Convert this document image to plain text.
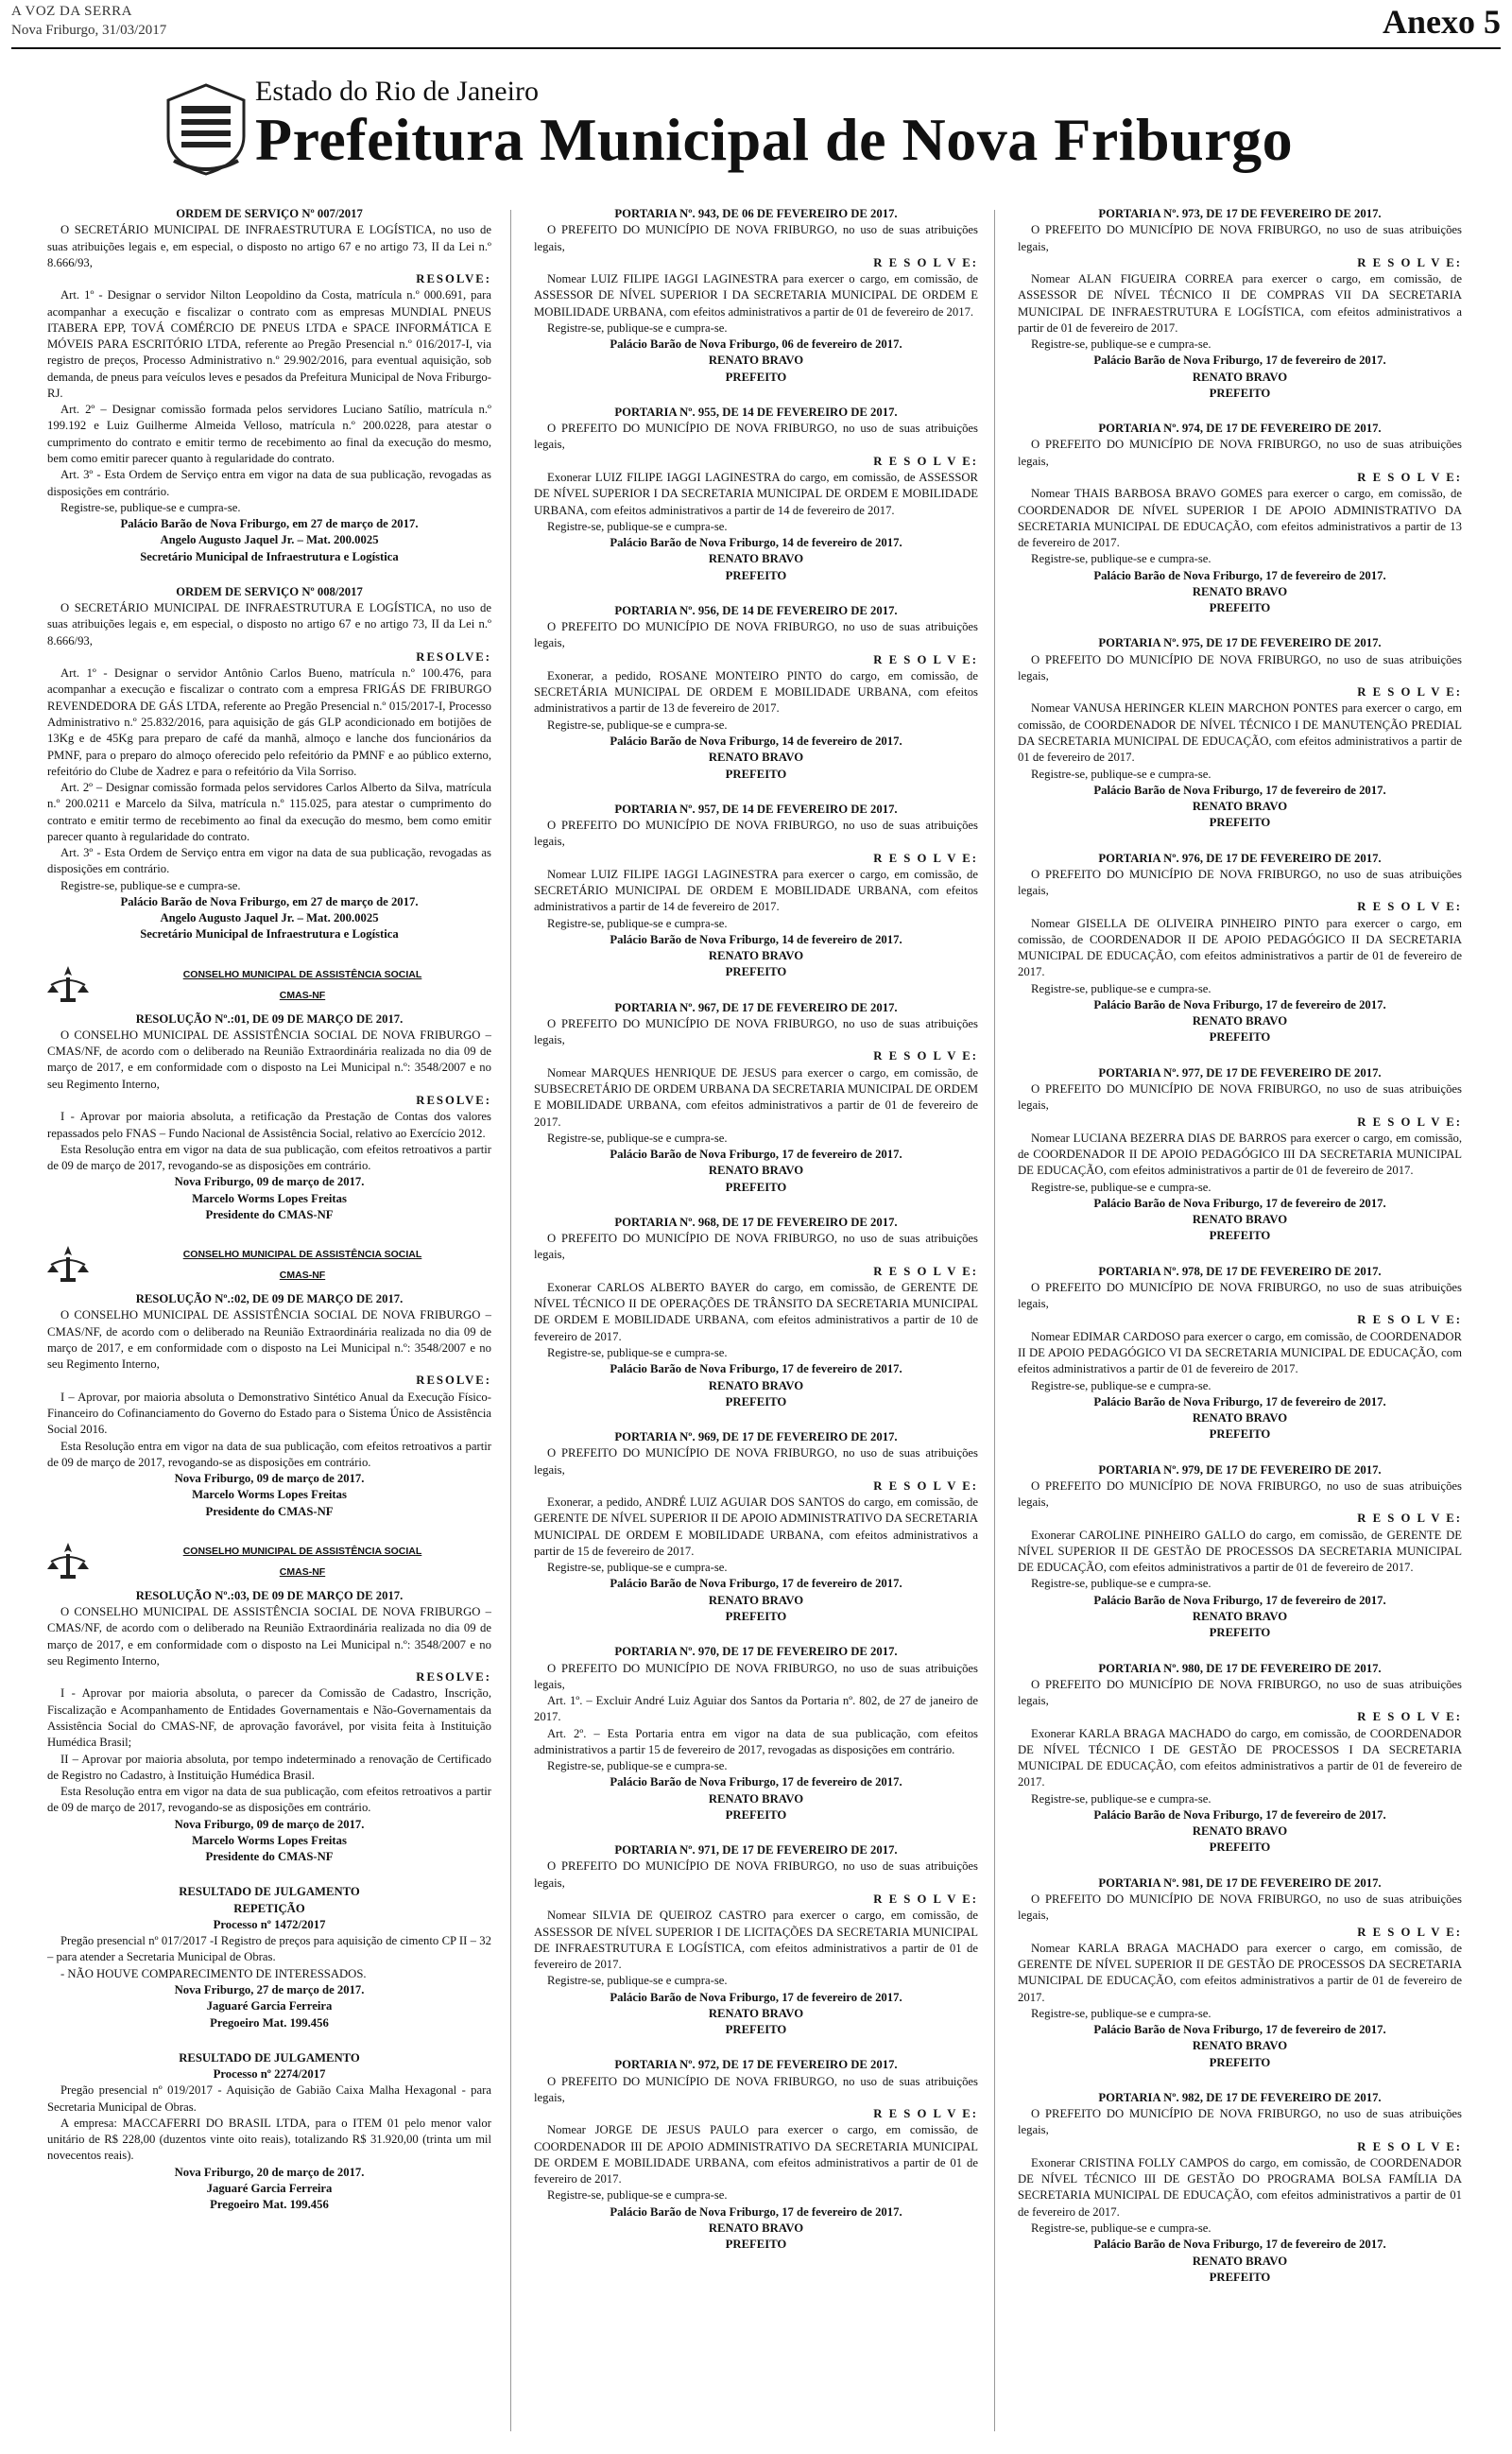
A VOZ DA SERRA
Nova Friburgo, 31/03/2017	Anexo 5
Estado do Rio de Janeiro
Prefeitura Municipal de Nova Friburgo
ORDEM DE SERVIÇO Nº 007/2017
O SECRETÁRIO MUNICIPAL DE INFRAESTRUTURA E LOGÍSTICA, no uso de suas atribuições legais e, em especial, o disposto no artigo 67 e no artigo 73, II da Lei n.º 8.666/93,
RESOLVE:
Art. 1º - Designar o servidor Nilton Leopoldino da Costa, matrícula n.º 000.691, para acompanhar a execução e fiscalizar o contrato com as empresas MUNDIAL PNEUS ITABERA EPP, TOVÁ COMÉRCIO DE PNEUS LTDA e SPACE INFORMÁTICA E MÓVEIS PARA ESCRITÓRIO LTDA, referente ao Pregão Presencial n.º 016/2017-I, via registro de preços, Processo Administrativo n.º 29.902/2016, para eventual aquisição, sob demanda, de pneus para veículos leves e pesados da Prefeitura Municipal de Nova Friburgo-RJ.
Art. 2º – Designar comissão formada pelos servidores Luciano Satílio, matrícula n.º 199.192 e Luiz Guilherme Almeida Velloso, matrícula n.º 200.0228, para atestar o cumprimento do contrato e emitir termo de recebimento ao final da execução do mesmo, bem como emitir parecer quanto à regularidade do contrato.
Art. 3º - Esta Ordem de Serviço entra em vigor na data de sua publicação, revogadas as disposições em contrário.
Registre-se, publique-se e cumpra-se.
Palácio Barão de Nova Friburgo, em 27 de março de 2017.
Angelo Augusto Jaquel Jr. – Mat. 200.0025
Secretário Municipal de Infraestrutura e Logística
ORDEM DE SERVIÇO Nº 008/2017
O SECRETÁRIO MUNICIPAL DE INFRAESTRUTURA E LOGÍSTICA, no uso de suas atribuições legais e, em especial, o disposto no artigo 67 e no artigo 73, II da Lei n.º 8.666/93,
RESOLVE:
Art. 1º - Designar o servidor Antônio Carlos Bueno, matrícula n.º 100.476, para acompanhar a execução e fiscalizar o contrato com a empresa FRIGÁS DE FRIBURGO REVENDEDORA DE GÁS LTDA, referente ao Pregão Presencial n.º 015/2017-I, Processo Administrativo n.º 25.832/2016, para aquisição de gás GLP acondicionado em botijões de 13Kg e de 45Kg para preparo de café da manhã, almoço e lanche dos funcionários da PMNF, para o preparo do almoço oferecido pelo refeitório da PMNF e ao público externo, refeitório do Clube de Xadrez e para o refeitório da Vila Sorriso.
Art. 2º – Designar comissão formada pelos servidores Carlos Alberto da Silva, matrícula n.º 200.0211 e Marcelo da Silva, matrícula n.º 115.025, para atestar o cumprimento do contrato e emitir termo de recebimento ao final da execução do mesmo, bem como emitir parecer quanto à regularidade do contrato.
Art. 3º - Esta Ordem de Serviço entra em vigor na data de sua publicação, revogadas as disposições em contrário.
Registre-se, publique-se e cumpra-se.
Palácio Barão de Nova Friburgo, em 27 de março de 2017.
Angelo Augusto Jaquel Jr. – Mat. 200.0025
Secretário Municipal de Infraestrutura e Logística
CONSELHO MUNICIPAL DE ASSISTÊNCIA SOCIAL
CMAS-NF
RESOLUÇÃO Nº.:01, DE 09 DE MARÇO DE 2017.
O CONSELHO MUNICIPAL DE ASSISTÊNCIA SOCIAL DE NOVA FRIBURGO – CMAS/NF, de acordo com o deliberado na Reunião Extraordinária realizada no dia 09 de março de 2017, e em conformidade com o disposto na Lei Municipal n.º: 3548/2007 e no seu Regimento Interno,
RESOLVE:
I - Aprovar por maioria absoluta, a retificação da Prestação de Contas dos valores repassados pelo FNAS – Fundo Nacional de Assistência Social, relativo ao Exercício 2012.
Esta Resolução entra em vigor na data de sua publicação, com efeitos retroativos a partir de 09 de março de 2017, revogando-se as disposições em contrário.
Nova Friburgo, 09 de março de 2017.
Marcelo Worms Lopes Freitas
Presidente do CMAS-NF
CONSELHO MUNICIPAL DE ASSISTÊNCIA SOCIAL
CMAS-NF
RESOLUÇÃO Nº.:02, DE 09 DE MARÇO DE 2017.
O CONSELHO MUNICIPAL DE ASSISTÊNCIA SOCIAL DE NOVA FRIBURGO – CMAS/NF, de acordo com o deliberado na Reunião Extraordinária realizada no dia 09 de março de 2017, e em conformidade com o disposto na Lei Municipal n.º: 3548/2007 e no seu Regimento Interno,
RESOLVE:
I – Aprovar, por maioria absoluta o Demonstrativo Sintético Anual da Execução Físico-Financeiro do Cofinanciamento do Governo do Estado para o Sistema Único de Assistência Social 2016.
Esta Resolução entra em vigor na data de sua publicação, com efeitos retroativos a partir de 09 de março de 2017, revogando-se as disposições em contrário.
Nova Friburgo, 09 de março de 2017.
Marcelo Worms Lopes Freitas
Presidente do CMAS-NF
CONSELHO MUNICIPAL DE ASSISTÊNCIA SOCIAL
CMAS-NF
RESOLUÇÃO Nº.:03, DE 09 DE MARÇO DE 2017.
O CONSELHO MUNICIPAL DE ASSISTÊNCIA SOCIAL DE NOVA FRIBURGO – CMAS/NF, de acordo com o deliberado na Reunião Extraordinária realizada no dia 09 de março de 2017, e em conformidade com o disposto na Lei Municipal n.º: 3548/2007 e no seu Regimento Interno,
RESOLVE:
I - Aprovar por maioria absoluta, o parecer da Comissão de Cadastro, Inscrição, Fiscalização e Acompanhamento de Entidades Governamentais e Não-Governamentais da Assistência Social do CMAS-NF, de aprovação favorável, por visita feita à Instituição Humédica Brasil;
II – Aprovar por maioria absoluta, por tempo indeterminado a renovação de Certificado de Registro no Cadastro, à Instituição Humédica Brasil.
Esta Resolução entra em vigor na data de sua publicação, com efeitos retroativos a partir de 09 de março de 2017, revogando-se as disposições em contrário.
Nova Friburgo, 09 de março de 2017.
Marcelo Worms Lopes Freitas
Presidente do CMAS-NF
RESULTADO DE JULGAMENTO
REPETIÇÃO
Processo nº 1472/2017
Pregão presencial nº 017/2017 -I Registro de preços para aquisição de cimento CP II – 32 – para atender a Secretaria Municipal de Obras.
- NÃO HOUVE COMPARECIMENTO DE INTERESSADOS.
Nova Friburgo, 27 de março de 2017.
Jaguaré Garcia Ferreira
Pregoeiro Mat. 199.456
RESULTADO DE JULGAMENTO
Processo nº 2274/2017
Pregão presencial nº 019/2017 - Aquisição de Gabião Caixa Malha Hexagonal - para Secretaria Municipal de Obras.
A empresa: MACCAFERRI DO BRASIL LTDA, para o ITEM 01 pelo menor valor unitário de R$ 228,00 (duzentos vinte oito reais), totalizando R$ 31.920,00 (trinta um mil novecentos reais).
Nova Friburgo, 20 de março de 2017.
Jaguaré Garcia Ferreira
Pregoeiro Mat. 199.456
PORTARIA Nº. 943, DE 06 DE FEVEREIRO DE 2017.
O PREFEITO DO MUNICÍPIO DE NOVA FRIBURGO, no uso de suas atribuições legais,
R E S O L V E:
Nomear LUIZ FILIPE IAGGI LAGINESTRA para exercer o cargo, em comissão, de ASSESSOR DE NÍVEL SUPERIOR I DA SECRETARIA MUNICIPAL DE ORDEM E MOBILIDADE URBANA, com efeitos administrativos a partir de 01 de fevereiro de 2017.
Registre-se, publique-se e cumpra-se.
Palácio Barão de Nova Friburgo, 06 de fevereiro de 2017.
RENATO BRAVO
PREFEITO
PORTARIA Nº. 955, DE 14 DE FEVEREIRO DE 2017.
O PREFEITO DO MUNICÍPIO DE NOVA FRIBURGO, no uso de suas atribuições legais,
R E S O L V E:
Exonerar LUIZ FILIPE IAGGI LAGINESTRA do cargo, em comissão, de ASSESSOR DE NÍVEL SUPERIOR I DA SECRETARIA MUNICIPAL DE ORDEM E MOBILIDADE URBANA, com efeitos administrativos a partir de 14 de fevereiro de 2017.
Registre-se, publique-se e cumpra-se.
Palácio Barão de Nova Friburgo, 14 de fevereiro de 2017.
RENATO BRAVO
PREFEITO
PORTARIA Nº. 956, DE 14 DE FEVEREIRO DE 2017.
O PREFEITO DO MUNICÍPIO DE NOVA FRIBURGO, no uso de suas atribuições legais,
R E S O L V E:
Exonerar, a pedido, ROSANE MONTEIRO PINTO do cargo, em comissão, de SECRETÁRIA MUNICIPAL DE ORDEM E MOBILIDADE URBANA, com efeitos administrativos a partir de 13 de fevereiro de 2017.
Registre-se, publique-se e cumpra-se.
Palácio Barão de Nova Friburgo, 14 de fevereiro de 2017.
RENATO BRAVO
PREFEITO
PORTARIA Nº. 957, DE 14 DE FEVEREIRO DE 2017.
O PREFEITO DO MUNICÍPIO DE NOVA FRIBURGO, no uso de suas atribuições legais,
R E S O L V E:
Nomear LUIZ FILIPE IAGGI LAGINESTRA para exercer o cargo, em comissão, de SECRETÁRIO MUNICIPAL DE ORDEM E MOBILIDADE URBANA, com efeitos administrativos a partir de 14 de fevereiro de 2017.
Registre-se, publique-se e cumpra-se.
Palácio Barão de Nova Friburgo, 14 de fevereiro de 2017.
RENATO BRAVO
PREFEITO
PORTARIA Nº. 967, DE 17 DE FEVEREIRO DE 2017.
O PREFEITO DO MUNICÍPIO DE NOVA FRIBURGO, no uso de suas atribuições legais,
R E S O L V E:
Nomear MARQUES HENRIQUE DE JESUS para exercer o cargo, em comissão, de SUBSECRETÁRIO DE ORDEM URBANA DA SECRETARIA MUNICIPAL DE ORDEM E MOBILIDADE URBANA, com efeitos administrativos a partir de 01 de fevereiro de 2017.
Registre-se, publique-se e cumpra-se.
Palácio Barão de Nova Friburgo, 17 de fevereiro de 2017.
RENATO BRAVO
PREFEITO
PORTARIA Nº. 968, DE 17 DE FEVEREIRO DE 2017.
O PREFEITO DO MUNICÍPIO DE NOVA FRIBURGO, no uso de suas atribuições legais,
R E S O L V E:
Exonerar CARLOS ALBERTO BAYER do cargo, em comissão, de GERENTE DE NÍVEL TÉCNICO II DE OPERAÇÕES DE TRÂNSITO DA SECRETARIA MUNICIPAL DE ORDEM E MOBILIDADE URBANA, com efeitos administrativos a partir de 10 de fevereiro de 2017.
Registre-se, publique-se e cumpra-se.
Palácio Barão de Nova Friburgo, 17 de fevereiro de 2017.
RENATO BRAVO
PREFEITO
PORTARIA Nº. 969, DE 17 DE FEVEREIRO DE 2017.
O PREFEITO DO MUNICÍPIO DE NOVA FRIBURGO, no uso de suas atribuições legais,
R E S O L V E:
Exonerar, a pedido, ANDRÉ LUIZ AGUIAR DOS SANTOS do cargo, em comissão, de GERENTE DE NÍVEL SUPERIOR II DE APOIO ADMINISTRATIVO DA SECRETARIA MUNICIPAL DE ORDEM E MOBILIDADE URBANA, com efeitos administrativos a partir de 15 de fevereiro de 2017.
Registre-se, publique-se e cumpra-se.
Palácio Barão de Nova Friburgo, 17 de fevereiro de 2017.
RENATO BRAVO
PREFEITO
PORTARIA Nº. 970, DE 17 DE FEVEREIRO DE 2017.
O PREFEITO DO MUNICÍPIO DE NOVA FRIBURGO, no uso de suas atribuições legais,
Art. 1º. – Excluir André Luiz Aguiar dos Santos da Portaria nº. 802, de 27 de janeiro de 2017.
Art. 2º. – Esta Portaria entra em vigor na data de sua publicação, com efeitos administrativos a partir 15 de fevereiro de 2017, revogadas as disposições em contrário.
Registre-se, publique-se e cumpra-se.
Palácio Barão de Nova Friburgo, 17 de fevereiro de 2017.
RENATO BRAVO
PREFEITO
PORTARIA Nº. 971, DE 17 DE FEVEREIRO DE 2017.
O PREFEITO DO MUNICÍPIO DE NOVA FRIBURGO, no uso de suas atribuições legais,
R E S O L V E:
Nomear SILVIA DE QUEIROZ CASTRO para exercer o cargo, em comissão, de ASSESSOR DE NÍVEL SUPERIOR I DE LICITAÇÕES DA SECRETARIA MUNICIPAL DE INFRAESTRUTURA E LOGÍSTICA, com efeitos administrativos a partir de 01 de fevereiro de 2017.
Registre-se, publique-se e cumpra-se.
Palácio Barão de Nova Friburgo, 17 de fevereiro de 2017.
RENATO BRAVO
PREFEITO
PORTARIA Nº. 972, DE 17 DE FEVEREIRO DE 2017.
O PREFEITO DO MUNICÍPIO DE NOVA FRIBURGO, no uso de suas atribuições legais,
R E S O L V E:
Nomear JORGE DE JESUS PAULO para exercer o cargo, em comissão, de COORDENADOR III DE APOIO ADMINISTRATIVO DA SECRETARIA MUNICIPAL DE ORDEM E MOBILIDADE URBANA, com efeitos administrativos a partir de 01 de fevereiro de 2017.
Registre-se, publique-se e cumpra-se.
Palácio Barão de Nova Friburgo, 17 de fevereiro de 2017.
RENATO BRAVO
PREFEITO
PORTARIA Nº. 973, DE 17 DE FEVEREIRO DE 2017.
O PREFEITO DO MUNICÍPIO DE NOVA FRIBURGO, no uso de suas atribuições legais,
R E S O L V E:
Nomear ALAN FIGUEIRA CORREA para exercer o cargo, em comissão, de ASSESSOR DE NÍVEL TÉCNICO II DE COMPRAS VII DA SECRETARIA MUNICIPAL DE INFRAESTRUTURA E LOGÍSTICA, com efeitos administrativos a partir de 01 de fevereiro de 2017.
Registre-se, publique-se e cumpra-se.
Palácio Barão de Nova Friburgo, 17 de fevereiro de 2017.
RENATO BRAVO
PREFEITO
PORTARIA Nº. 974, DE 17 DE FEVEREIRO DE 2017.
O PREFEITO DO MUNICÍPIO DE NOVA FRIBURGO, no uso de suas atribuições legais,
R E S O L V E:
Nomear THAIS BARBOSA BRAVO GOMES para exercer o cargo, em comissão, de COORDENADOR DE NÍVEL SUPERIOR I DE APOIO ADMINISTRATIVO DA SECRETARIA MUNICIPAL DE EDUCAÇÃO, com efeitos administrativos a partir de 13 de fevereiro de 2017.
Registre-se, publique-se e cumpra-se.
Palácio Barão de Nova Friburgo, 17 de fevereiro de 2017.
RENATO BRAVO
PREFEITO
PORTARIA Nº. 975, DE 17 DE FEVEREIRO DE 2017.
O PREFEITO DO MUNICÍPIO DE NOVA FRIBURGO, no uso de suas atribuições legais,
R E S O L V E:
Nomear VANUSA HERINGER KLEIN MARCHON PONTES para exercer o cargo, em comissão, de COORDENADOR DE NÍVEL TÉCNICO I DE MANUTENÇÃO PREDIAL DA SECRETARIA MUNICIPAL DE EDUCAÇÃO, com efeitos administrativos a partir de 01 de fevereiro de 2017.
Registre-se, publique-se e cumpra-se.
Palácio Barão de Nova Friburgo, 17 de fevereiro de 2017.
RENATO BRAVO
PREFEITO
PORTARIA Nº. 976, DE 17 DE FEVEREIRO DE 2017.
O PREFEITO DO MUNICÍPIO DE NOVA FRIBURGO, no uso de suas atribuições legais,
R E S O L V E:
Nomear GISELLA DE OLIVEIRA PINHEIRO PINTO para exercer o cargo, em comissão, de COORDENADOR II DE APOIO PEDAGÓGICO II DA SECRETARIA MUNICIPAL DE EDUCAÇÃO, com efeitos administrativos a partir de 01 de fevereiro de 2017.
Registre-se, publique-se e cumpra-se.
Palácio Barão de Nova Friburgo, 17 de fevereiro de 2017.
RENATO BRAVO
PREFEITO
PORTARIA Nº. 977, DE 17 DE FEVEREIRO DE 2017.
O PREFEITO DO MUNICÍPIO DE NOVA FRIBURGO, no uso de suas atribuições legais,
R E S O L V E:
Nomear LUCIANA BEZERRA DIAS DE BARROS para exercer o cargo, em comissão, de COORDENADOR II DE APOIO PEDAGÓGICO III DA SECRETARIA MUNICIPAL DE EDUCAÇÃO, com efeitos administrativos a partir de 01 de fevereiro de 2017.
Registre-se, publique-se e cumpra-se.
Palácio Barão de Nova Friburgo, 17 de fevereiro de 2017.
RENATO BRAVO
PREFEITO
PORTARIA Nº. 978, DE 17 DE FEVEREIRO DE 2017.
O PREFEITO DO MUNICÍPIO DE NOVA FRIBURGO, no uso de suas atribuições legais,
R E S O L V E:
Nomear EDIMAR CARDOSO para exercer o cargo, em comissão, de COORDENADOR II DE APOIO PEDAGÓGICO VI DA SECRETARIA MUNICIPAL DE EDUCAÇÃO, com efeitos administrativos a partir de 01 de fevereiro de 2017.
Registre-se, publique-se e cumpra-se.
Palácio Barão de Nova Friburgo, 17 de fevereiro de 2017.
RENATO BRAVO
PREFEITO
PORTARIA Nº. 979, DE 17 DE FEVEREIRO DE 2017.
O PREFEITO DO MUNICÍPIO DE NOVA FRIBURGO, no uso de suas atribuições legais,
R E S O L V E:
Exonerar CAROLINE PINHEIRO GALLO do cargo, em comissão, de GERENTE DE NÍVEL SUPERIOR II DE GESTÃO DE PROCESSOS DA SECRETARIA MUNICIPAL DE EDUCAÇÃO, com efeitos administrativos a partir de 01 de fevereiro de 2017.
Registre-se, publique-se e cumpra-se.
Palácio Barão de Nova Friburgo, 17 de fevereiro de 2017.
RENATO BRAVO
PREFEITO
PORTARIA Nº. 980, DE 17 DE FEVEREIRO DE 2017.
O PREFEITO DO MUNICÍPIO DE NOVA FRIBURGO, no uso de suas atribuições legais,
R E S O L V E:
Exonerar KARLA BRAGA MACHADO do cargo, em comissão, de COORDENADOR DE NÍVEL TÉCNICO I DE GESTÃO DE PROCESSOS I DA SECRETARIA MUNICIPAL DE EDUCAÇÃO, com efeitos administrativos a partir de 01 de fevereiro de 2017.
Registre-se, publique-se e cumpra-se.
Palácio Barão de Nova Friburgo, 17 de fevereiro de 2017.
RENATO BRAVO
PREFEITO
PORTARIA Nº. 981, DE 17 DE FEVEREIRO DE 2017.
O PREFEITO DO MUNICÍPIO DE NOVA FRIBURGO, no uso de suas atribuições legais,
R E S O L V E:
Nomear KARLA BRAGA MACHADO para exercer o cargo, em comissão, de GERENTE DE NÍVEL SUPERIOR II DE GESTÃO DE PROCESSOS DA SECRETARIA MUNICIPAL DE EDUCAÇÃO, com efeitos administrativos a partir de 01 de fevereiro de 2017.
Registre-se, publique-se e cumpra-se.
Palácio Barão de Nova Friburgo, 17 de fevereiro de 2017.
RENATO BRAVO
PREFEITO
PORTARIA Nº. 982, DE 17 DE FEVEREIRO DE 2017.
O PREFEITO DO MUNICÍPIO DE NOVA FRIBURGO, no uso de suas atribuições legais,
R E S O L V E:
Exonerar CRISTINA FOLLY CAMPOS do cargo, em comissão, de COORDENADOR DE NÍVEL TÉCNICO III DE GESTÃO DO PROGRAMA BOLSA FAMÍLIA DA SECRETARIA MUNICIPAL DE EDUCAÇÃO, com efeitos administrativos a partir de 01 de fevereiro de 2017.
Registre-se, publique-se e cumpra-se.
Palácio Barão de Nova Friburgo, 17 de fevereiro de 2017.
RENATO BRAVO
PREFEITO
